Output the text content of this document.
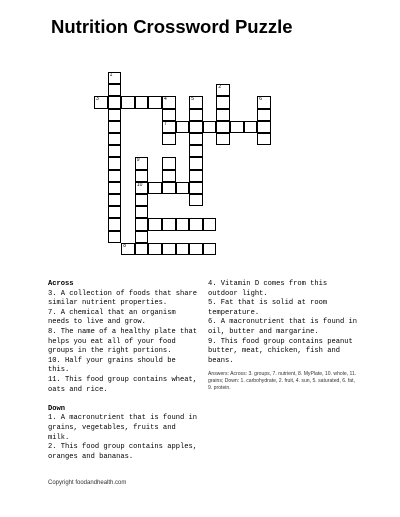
Nutrition Crossword Puzzle
1
2
3	4
7
5	6
8
9
10

Across

3. A collection of foods that share similar nutrient properties.

7. A chemical that an organism needs to live and grow.

8. The name of a healthy plate that helps you eat all of your food groups in the right portions.

10. Half your grains should be this.

11. This food group contains wheat, oats and rice.

Down

1. A macronutrient that is found in grains, vegetables, fruits and milk.

2. This food group contains apples, oranges and bananas.

4. Vitamin D comes from this outdoor light.

5. Fat that is solid at room temperature.

6. A macronutrient that is found in oil, butter and margarine.

9. This food group contains peanut butter, meat, chicken, fish and beans.

Answers: Across: 3. groups, 7. nutrient, 8. MyPlate, 10. whole, 11. grains; Down: 1. carbohydrate, 2. fruit, 4. sun, 5. saturated, 6. fat, 9. protein.

Copyright foodandhealth.com
